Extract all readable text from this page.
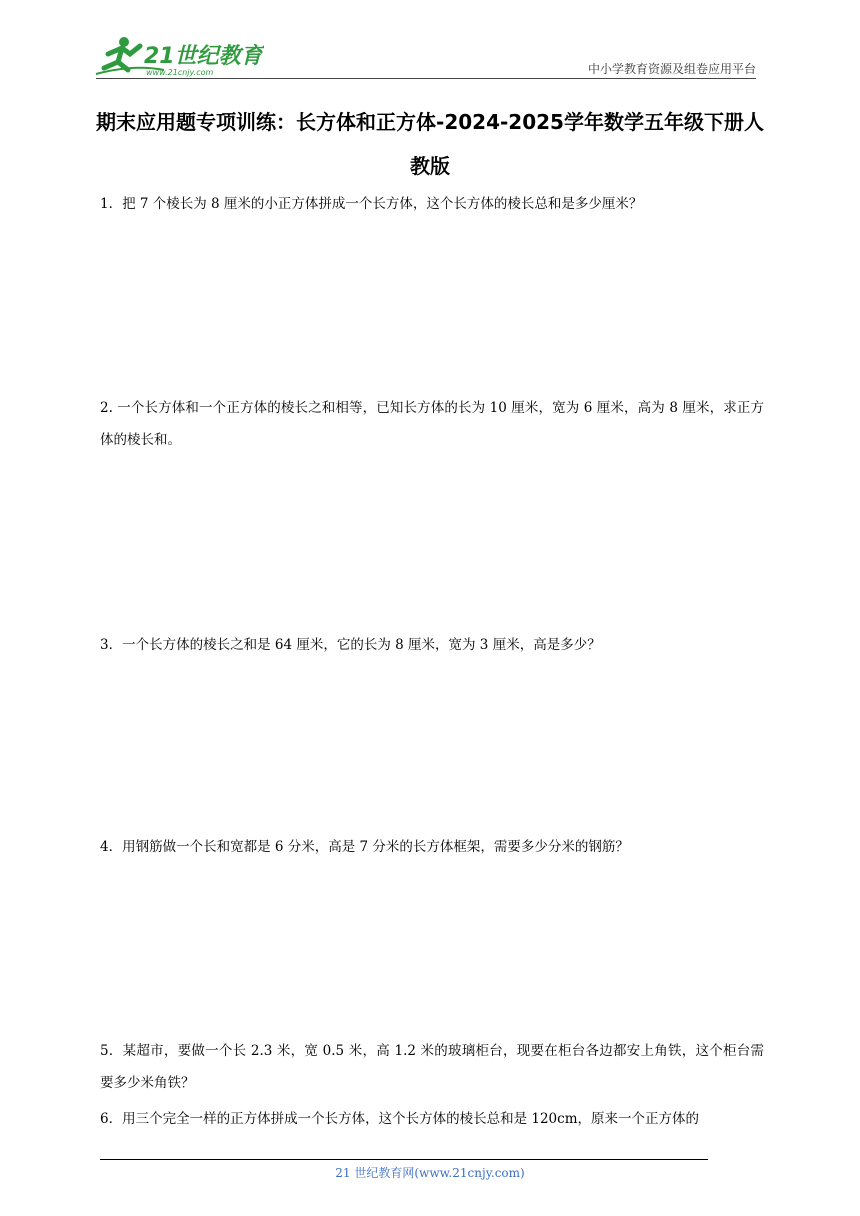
21世纪教育
www.21cnjy.com	中小学教育资源及组卷应用平台
期末应用题专项训练：长方体和正方体-2024-2025学年数学五年级下册人教版
1．把 7 个棱长为 8 厘米的小正方体拼成一个长方体，这个长方体的棱长总和是多少厘米？
2. 一个长方体和一个正方体的棱长之和相等，已知长方体的长为 10 厘米，宽为 6 厘米，高为 8 厘米，求正方体的棱长和。
3．一个长方体的棱长之和是 64 厘米，它的长为 8 厘米，宽为 3 厘米，高是多少？
4．用钢筋做一个长和宽都是 6 分米，高是 7 分米的长方体框架，需要多少分米的钢筋？
5．某超市，要做一个长 2.3 米，宽 0.5 米，高 1.2 米的玻璃柜台，现要在柜台各边都安上角铁，这个柜台需要多少米角铁？
6．用三个完全一样的正方体拼成一个长方体，这个长方体的棱长总和是 120cm，原来一个正方体的
21 世纪教育网(www.21cnjy.com)
